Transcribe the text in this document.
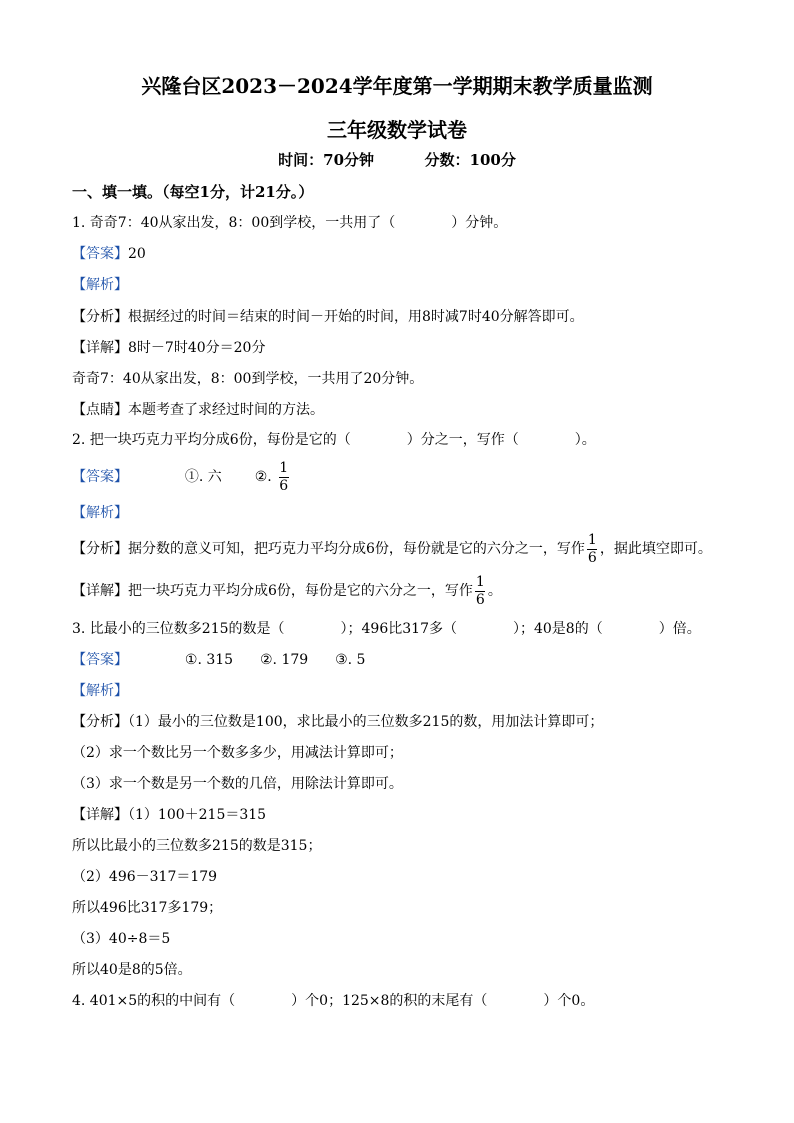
兴隆台区2023－2024学年度第一学期期末教学质量监测
三年级数学试卷
时间：70分钟	分数：100分
一、填一填。（每空1分，计21分。）
1. 奇奇7：40从家出发，8：00到学校，一共用了（　　　　）分钟。
【答案】20
【解析】
【分析】根据经过的时间＝结束的时间－开始的时间，用8时减7时40分解答即可。
【详解】8时－7时40分＝20分
奇奇7：40从家出发，8：00到学校，一共用了20分钟。
【点睛】本题考查了求经过时间的方法。
2. 把一块巧克力平均分成6份，每份是它的（　　　　）分之一，写作（　　　　）。
【答案】	①. 六 ②. $\frac{1}{6}$
【解析】
【分析】据分数的意义可知，把巧克力平均分成6份，每份就是它的六分之一，写作 $\frac{1}{6}$ ，据此填空即可。
【详解】把一块巧克力平均分成6份，每份是它的六分之一，写作 $\frac{1}{6}$ 。
3. 比最小的三位数多215的数是（　　　　）；496比317多（　　　　）；40是8的（　　　　）倍。
【答案】	①. 315 ②. 179 ③. 5
【解析】
【分析】（1）最小的三位数是100，求比最小的三位数多215的数，用加法计算即可；
（2）求一个数比另一个数多多少，用减法计算即可；
（3）求一个数是另一个数的几倍，用除法计算即可。
【详解】（1）100＋215＝315
所以比最小的三位数多215的数是315；
（2）496－317＝179
所以496比317多179；
（3）40÷8＝5
所以40是8的5倍。
4. 401×5的积的中间有（　　　　）个0；125×8的积的末尾有（　　　　）个0。
